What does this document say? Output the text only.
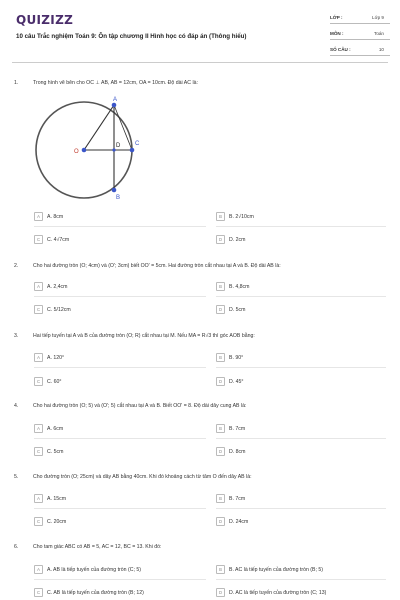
QUIZIZZ
10 câu Trắc nghiệm Toán 9: Ôn tập chương II Hình học có đáp án (Thông hiểu)
LỚP :	Lớp 9
MÔN :	Toán
SỐ CÂU :	10
1.	Trong hình vẽ bên cho OC ⊥ AB, AB = 12cm, OA = 10cm. Độ dài AC là:
A
B
C
D
O
A	A. 8cm	B	B. 2√10cm
C	C. 4√7cm	D	D. 2cm
2.	Cho hai đường tròn (O; 4cm) và (O'; 3cm) biết OO' = 5cm. Hai đường tròn cắt nhau tại A và B. Độ dài AB là:
A	A. 2,4cm	B	B. 4,8cm
C	C. 5/12cm	D	D. 5cm
3.	Hai tiếp tuyến tại A và B của đường tròn (O; R) cắt nhau tại M. Nếu MA = R√3 thì góc AOB bằng:
A	A. 120°	B	B. 90°
C	C. 60°	D	D. 45°
4.	Cho hai đường tròn (O; 5) và (O'; 5) cắt nhau tại A và B. Biết OO' = 8. Độ dài dây cung AB là:
A	A. 6cm	B	B. 7cm
C	C. 5cm	D	D. 8cm
5.	Cho đường tròn (O; 25cm) và dây AB bằng 40cm. Khi đó khoảng cách từ tâm O đến dây AB là:
A	A. 15cm	B	B. 7cm
C	C. 20cm	D	D. 24cm
6.	Cho tam giác ABC có AB = 5, AC = 12, BC = 13. Khi đó:
A	A. AB là tiếp tuyến của đường tròn (C; 5)	B	B. AC là tiếp tuyến của đường tròn (B; 5)
C	C. AB là tiếp tuyến của đường tròn (B; 12)	D	D. AC là tiếp tuyến của đường tròn (C; 13)
